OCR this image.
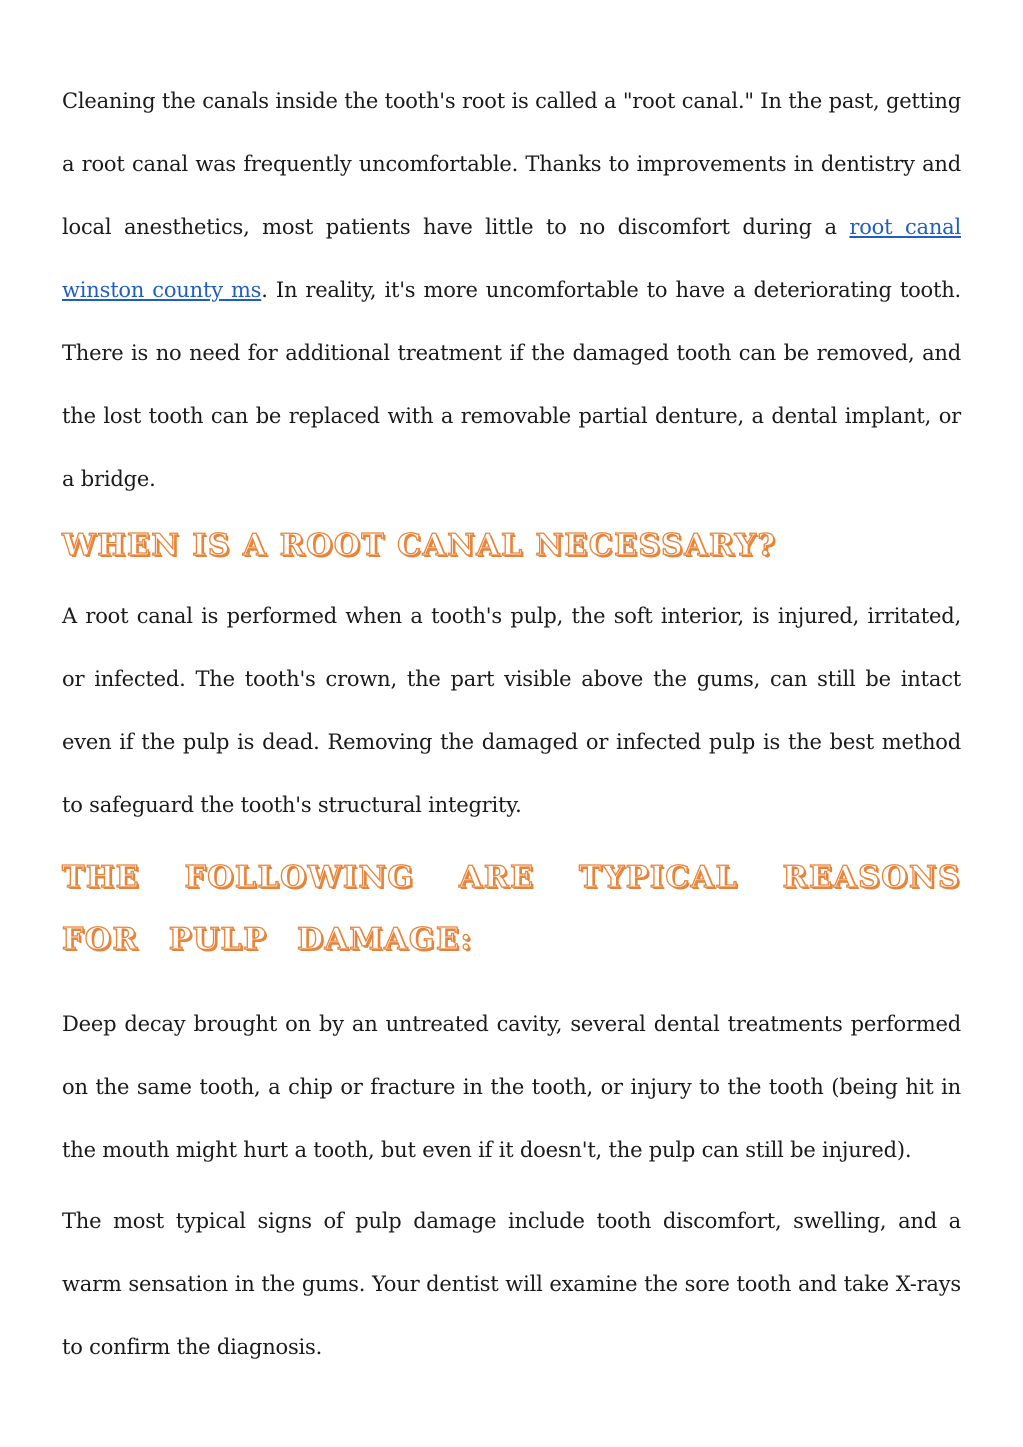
Cleaning the canals inside the tooth's root is called a "root canal." In the past, getting a root canal was frequently uncomfortable. Thanks to improvements in dentistry and local anesthetics, most patients have little to no discomfort during a root canal winston county ms. In reality, it's more uncomfortable to have a deteriorating tooth. There is no need for additional treatment if the damaged tooth can be removed, and the lost tooth can be replaced with a removable partial denture, a dental implant, or a bridge.

WHEN IS A ROOT CANAL NECESSARY?

A root canal is performed when a tooth's pulp, the soft interior, is injured, irritated, or infected. The tooth's crown, the part visible above the gums, can still be intact even if the pulp is dead. Removing the damaged or infected pulp is the best method to safeguard the tooth's structural integrity.

THE FOLLOWING ARE TYPICAL REASONS FOR PULP DAMAGE:

Deep decay brought on by an untreated cavity, several dental treatments performed on the same tooth, a chip or fracture in the tooth, or injury to the tooth (being hit in the mouth might hurt a tooth, but even if it doesn't, the pulp can still be injured).

The most typical signs of pulp damage include tooth discomfort, swelling, and a warm sensation in the gums. Your dentist will examine the sore tooth and take X-rays to confirm the diagnosis.
